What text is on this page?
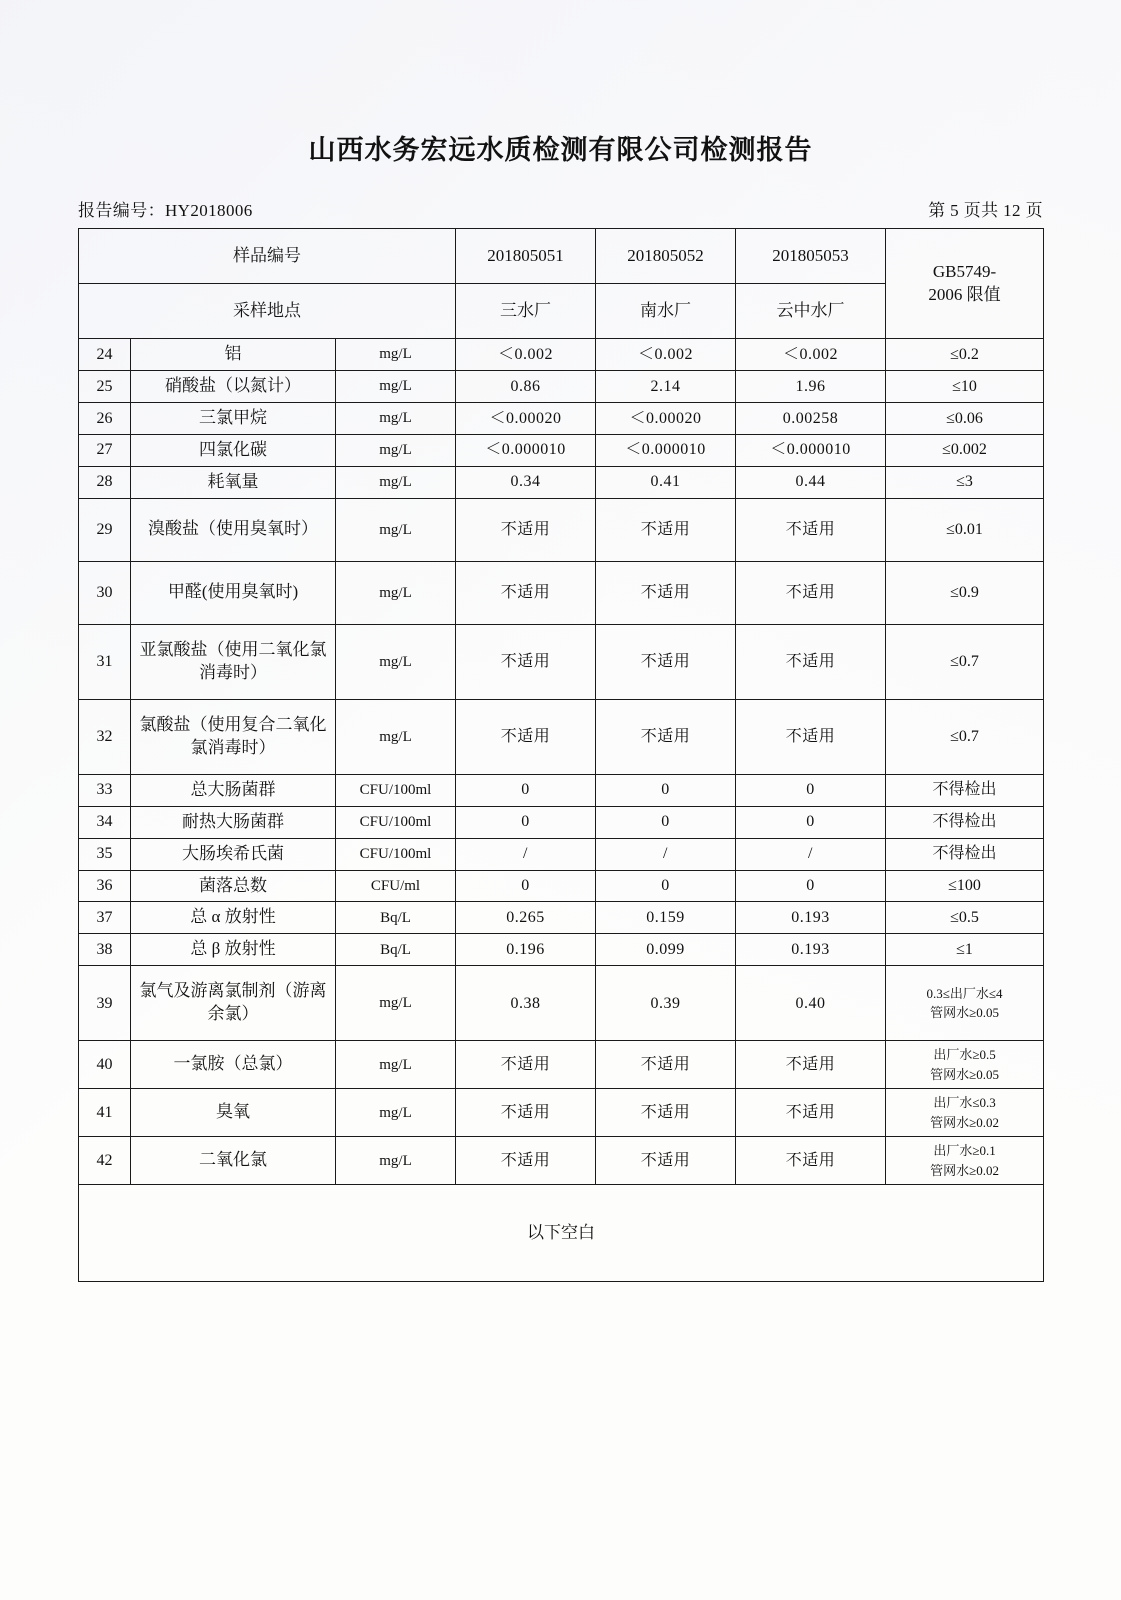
山西水务宏远水质检测有限公司检测报告
报告编号：HY2018006	第 5 页共 12 页
样品编号			201805051	201805052	201805053	GB5749-
2006 限值

采样地点			三水厂	南水厂	云中水厂	
24	铝	mg/L	＜0.002	＜0.002	＜0.002	≤0.2
25	硝酸盐（以氮计）	mg/L	0.86	2.14	1.96	≤10
26	三氯甲烷	mg/L	＜0.00020	＜0.00020	0.00258	≤0.06
27	四氯化碳	mg/L	＜0.000010	＜0.000010	＜0.000010	≤0.002
28	耗氧量	mg/L	0.34	0.41	0.44	≤3
29	溴酸盐（使用臭氧时）	mg/L	不适用	不适用	不适用	≤0.01
30	甲醛(使用臭氧时)	mg/L	不适用	不适用	不适用	≤0.9
31	亚氯酸盐（使用二氧化氯消毒时）	mg/L	不适用	不适用	不适用	≤0.7
32	氯酸盐（使用复合二氧化氯消毒时）	mg/L	不适用	不适用	不适用	≤0.7
33	总大肠菌群	CFU/100ml	0	0	0	不得检出
34	耐热大肠菌群	CFU/100ml	0	0	0	不得检出
35	大肠埃希氏菌	CFU/100ml	/	/	/	不得检出
36	菌落总数	CFU/ml	0	0	0	≤100
37	总 α 放射性	Bq/L	0.265	0.159	0.193	≤0.5
38	总 β 放射性	Bq/L	0.196	0.099	0.193	≤1
39	氯气及游离氯制剂（游离余氯）	mg/L	0.38	0.39	0.40	0.3≤出厂水≤4
管网水≥0.05

40	一氯胺（总氯）	mg/L	不适用	不适用	不适用	出厂水≥0.5
管网水≥0.05

41	臭氧	mg/L	不适用	不适用	不适用	出厂水≤0.3
管网水≥0.02

42	二氧化氯	mg/L	不适用	不适用	不适用	出厂水≥0.1
管网水≥0.02

以下空白						
